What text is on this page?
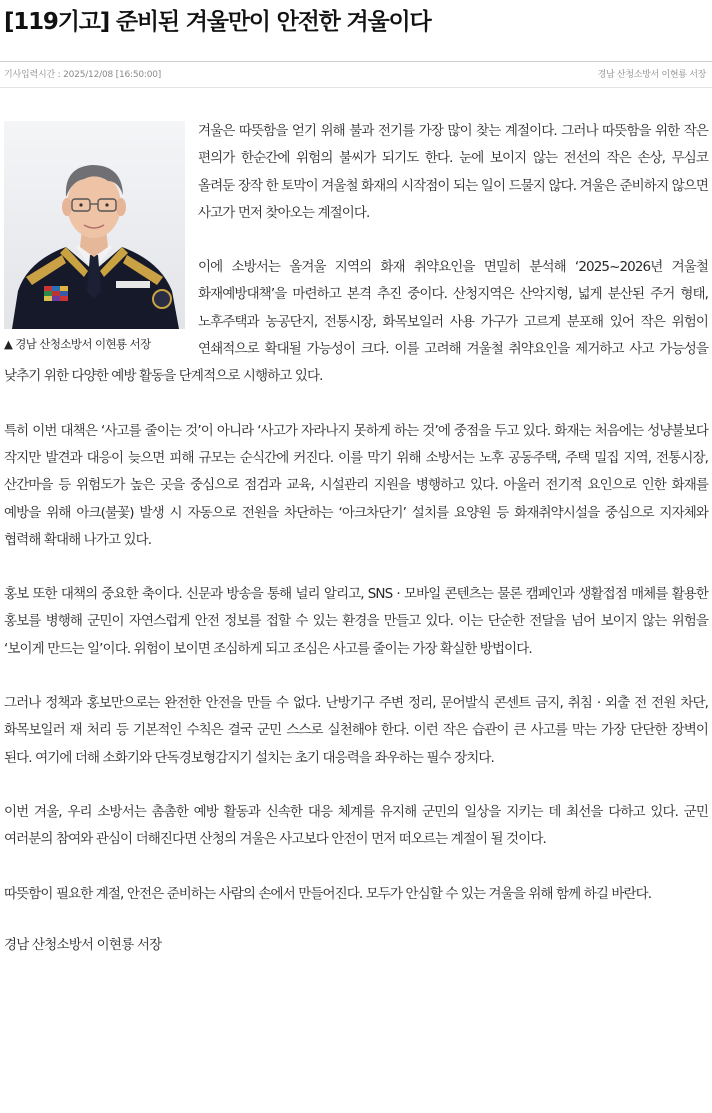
[119기고] 준비된 겨울만이 안전한 겨울이다
기사입력시간 : 2025/12/08 [16:50:00]	경남 산청소방서 이현룡 서장
▲ 경남 산청소방서 이현룡 서장

겨울은 따뜻함을 얻기 위해 불과 전기를 가장 많이 찾는 계절이다. 그러나 따뜻함을 위한 작은 편의가 한순간에 위험의 불씨가 되기도 한다. 눈에 보이지 않는 전선의 작은 손상, 무심코 올려둔 장작 한 토막이 겨울철 화재의 시작점이 되는 일이 드물지 않다. 겨울은 준비하지 않으면 사고가 먼저 찾아오는 계절이다.

이에 소방서는 올겨울 지역의 화재 취약요인을 면밀히 분석해 ‘2025~2026년 겨울철 화재예방대책’을 마련하고 본격 추진 중이다. 산청지역은 산악지형, 넓게 분산된 주거 형태, 노후주택과 농공단지, 전통시장, 화목보일러 사용 가구가 고르게 분포해 있어 작은 위험이 연쇄적으로 확대될 가능성이 크다. 이를 고려해 겨울철 취약요인을 제거하고 사고 가능성을 낮추기 위한 다양한 예방 활동을 단계적으로 시행하고 있다.

특히 이번 대책은 ‘사고를 줄이는 것’이 아니라 ‘사고가 자라나지 못하게 하는 것’에 중점을 두고 있다. 화재는 처음에는 성냥불보다 작지만 발견과 대응이 늦으면 피해 규모는 순식간에 커진다. 이를 막기 위해 소방서는 노후 공동주택, 주택 밀집 지역, 전통시장, 산간마을 등 위험도가 높은 곳을 중심으로 점검과 교육, 시설관리 지원을 병행하고 있다. 아울러 전기적 요인으로 인한 화재를 예방을 위해 아크(불꽃) 발생 시 자동으로 전원을 차단하는 ‘아크차단기’ 설치를 요양원 등 화재취약시설을 중심으로 지자체와 협력해 확대해 나가고 있다.

홍보 또한 대책의 중요한 축이다. 신문과 방송을 통해 널리 알리고, SNS · 모바일 콘텐츠는 물론 캠페인과 생활접점 매체를 활용한 홍보를 병행해 군민이 자연스럽게 안전 정보를 접할 수 있는 환경을 만들고 있다. 이는 단순한 전달을 넘어 보이지 않는 위험을 ‘보이게 만드는 일’이다. 위험이 보이면 조심하게 되고 조심은 사고를 줄이는 가장 확실한 방법이다.

그러나 정책과 홍보만으로는 완전한 안전을 만들 수 없다. 난방기구 주변 정리, 문어발식 콘센트 금지, 취침 · 외출 전 전원 차단, 화목보일러 재 처리 등 기본적인 수칙은 결국 군민 스스로 실천해야 한다. 이런 작은 습관이 큰 사고를 막는 가장 단단한 장벽이 된다. 여기에 더해 소화기와 단독경보형감지기 설치는 초기 대응력을 좌우하는 필수 장치다.

이번 겨울, 우리 소방서는 촘촘한 예방 활동과 신속한 대응 체계를 유지해 군민의 일상을 지키는 데 최선을 다하고 있다. 군민 여러분의 참여와 관심이 더해진다면 산청의 겨울은 사고보다 안전이 먼저 떠오르는 계절이 될 것이다.

따뜻함이 필요한 계절, 안전은 준비하는 사람의 손에서 만들어진다. 모두가 안심할 수 있는 겨울을 위해 함께 하길 바란다.

경남 산청소방서 이현룡 서장
